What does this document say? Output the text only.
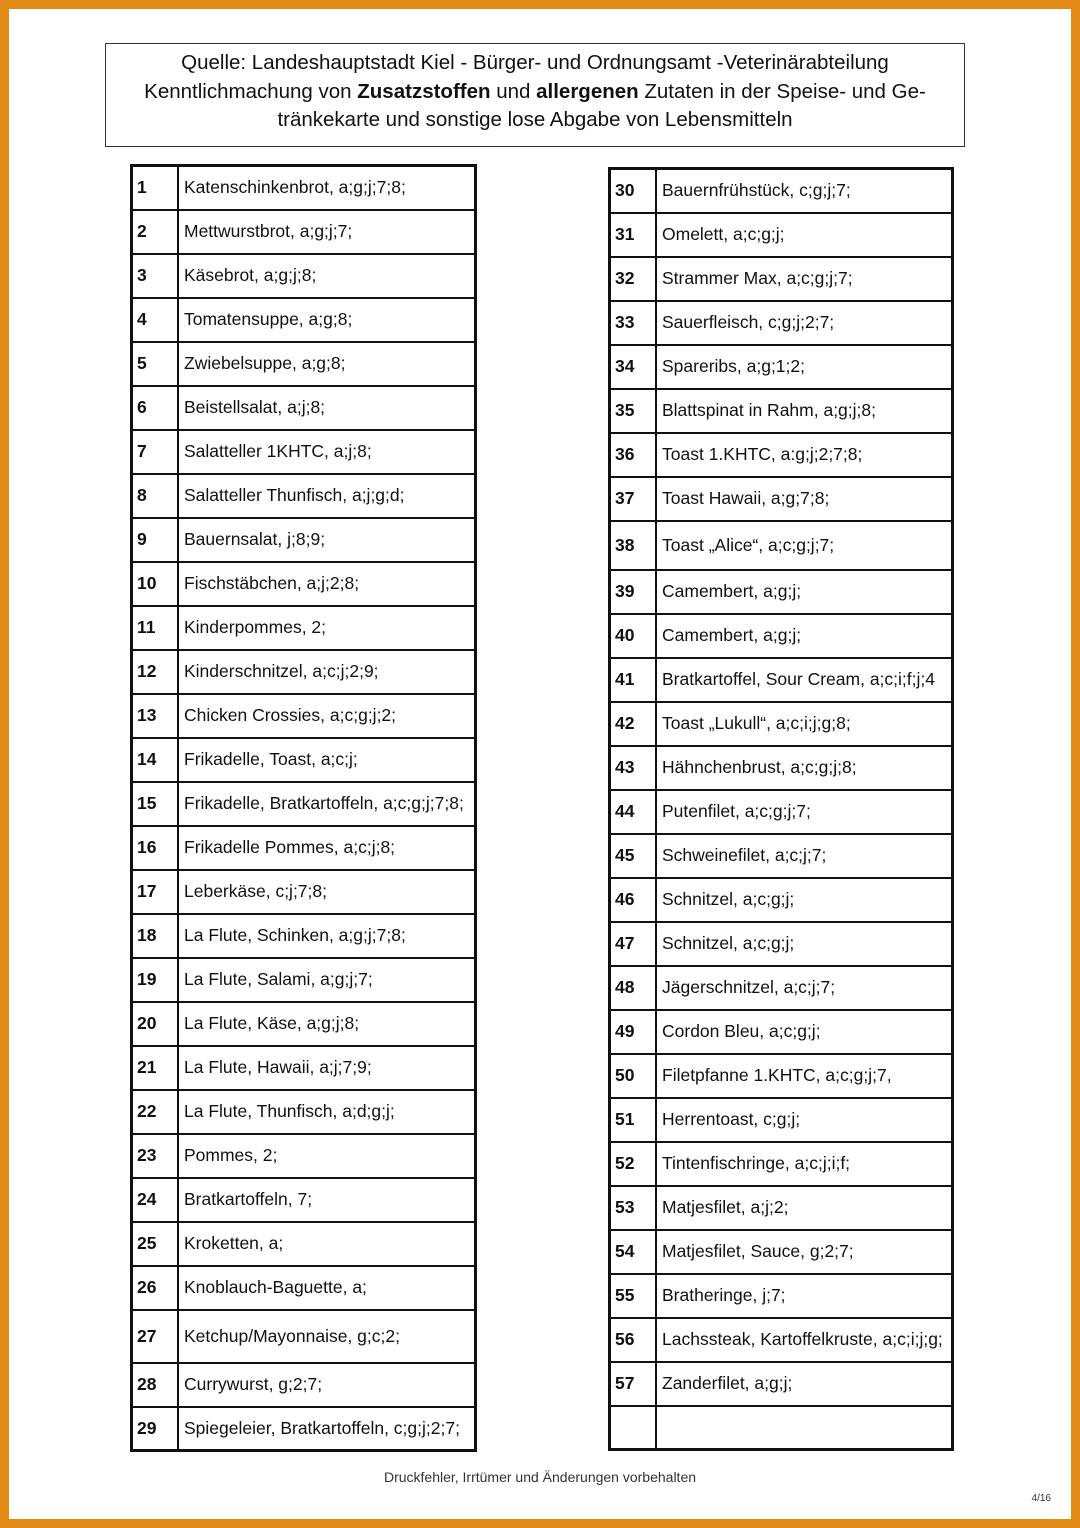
Quelle: Landeshauptstadt Kiel - Bürger- und Ordnungsamt -Veterinärabteilung
Kenntlichmachung von Zusatzstoffen und allergenen Zutaten in der Speise- und Ge-
tränkekarte und sonstige lose Abgabe von Lebensmitteln
1	Katenschinkenbrot, a;g;j;7;8;
2	Mettwurstbrot, a;g;j;7;
3	Käsebrot, a;g;j;8;
4	Tomatensuppe, a;g;8;
5	Zwiebelsuppe, a;g;8;
6	Beistellsalat, a;j;8;
7	Salatteller 1KHTC, a;j;8;
8	Salatteller Thunfisch, a;j;g;d;
9	Bauernsalat, j;8;9;
10	Fischstäbchen, a;j;2;8;
11	Kinderpommes, 2;
12	Kinderschnitzel, a;c;j;2;9;
13	Chicken Crossies, a;c;g;j;2;
14	Frikadelle, Toast, a;c;j;
15	Frikadelle, Bratkartoffeln, a;c;g;j;7;8;
16	Frikadelle Pommes, a;c;j;8;
17	Leberkäse, c;j;7;8;
18	La Flute, Schinken, a;g;j;7;8;
19	La Flute, Salami, a;g;j;7;
20	La Flute, Käse, a;g;j;8;
21	La Flute, Hawaii, a;j;7;9;
22	La Flute, Thunfisch, a;d;g;j;
23	Pommes, 2;
24	Bratkartoffeln, 7;
25	Kroketten, a;
26	Knoblauch-Baguette, a;
27	Ketchup/Mayonnaise, g;c;2;
28	Currywurst, g;2;7;
29	Spiegeleier, Bratkartoffeln, c;g;j;2;7;
30	Bauernfrühstück, c;g;j;7;
31	Omelett, a;c;g;j;
32	Strammer Max, a;c;g;j;7;
33	Sauerfleisch, c;g;j;2;7;
34	Spareribs, a;g;1;2;
35	Blattspinat in Rahm, a;g;j;8;
36	Toast 1.KHTC, a:g;j;2;7;8;
37	Toast Hawaii, a;g;7;8;
38	Toast „Alice“, a;c;g;j;7;
39	Camembert, a;g;j;
40	Camembert, a;g;j;
41	Bratkartoffel, Sour Cream, a;c;i;f;j;4
42	Toast „Lukull“, a;c;i;j;g;8;
43	Hähnchenbrust, a;c;g;j;8;
44	Putenfilet, a;c;g;j;7;
45	Schweinefilet, a;c;j;7;
46	Schnitzel, a;c;g;j;
47	Schnitzel, a;c;g;j;
48	Jägerschnitzel, a;c;j;7;
49	Cordon Bleu, a;c;g;j;
50	Filetpfanne 1.KHTC, a;c;g;j;7,
51	Herrentoast, c;g;j;
52	Tintenfischringe, a;c;j;i;f;
53	Matjesfilet, a;j;2;
54	Matjesfilet, Sauce, g;2;7;
55	Bratheringe, j;7;
56	Lachssteak, Kartoffelkruste, a;c;i;j;g;
57	Zanderfilet, a;g;j;

Druckfehler, Irrtümer und Änderungen vorbehalten
4/16
